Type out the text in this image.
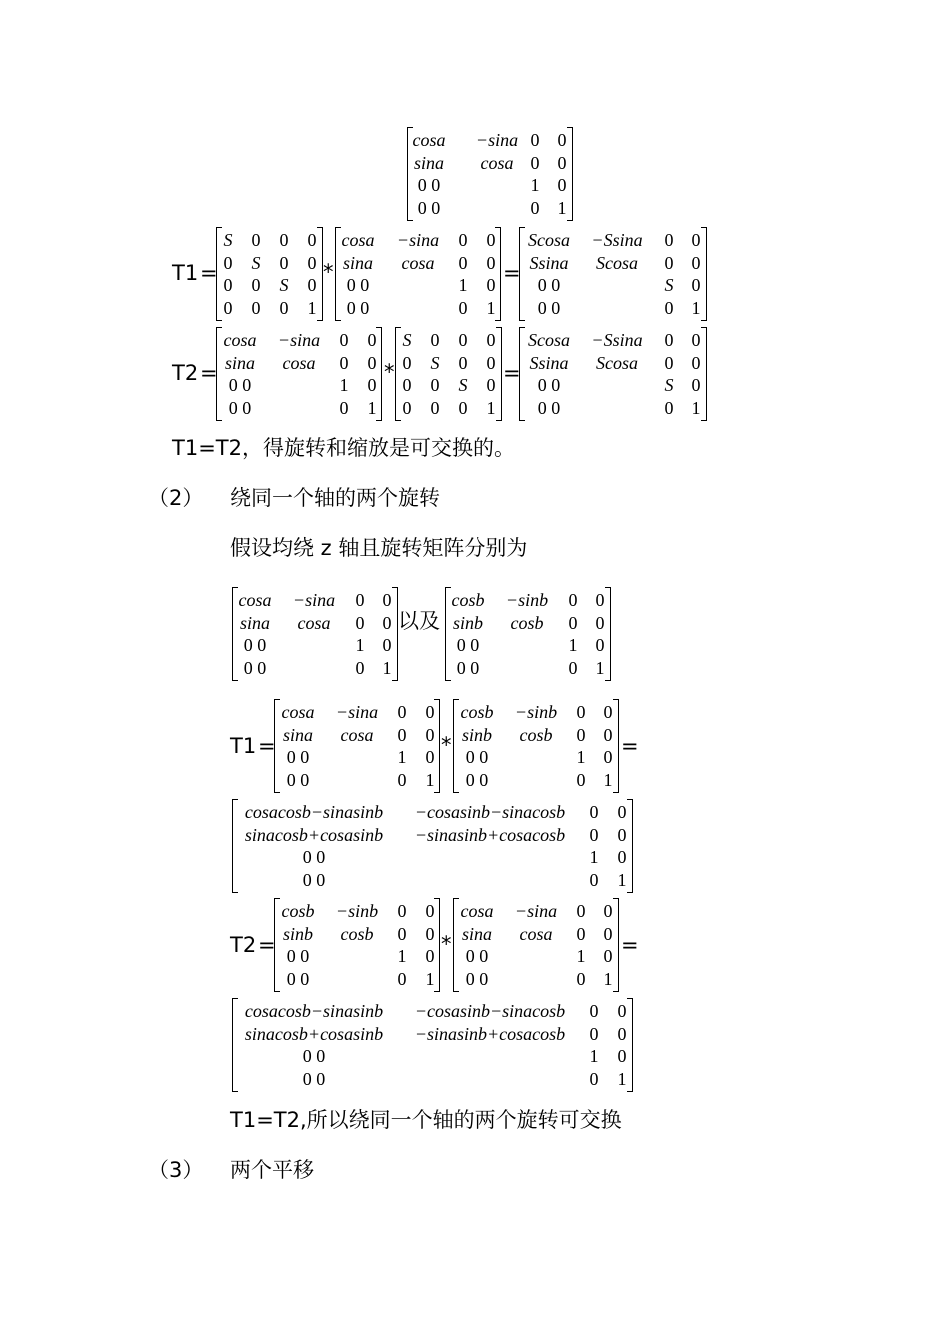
cosa −sina 0 0
sina cosa 0 0
0 0	1 0
0 0	0 1
T1 =
S 0 0 0
0 S 0 0
0 0 S 0
0 0 0 1
*
cosa −sina 0 0
sina cosa 0 0
0 0	1 0
0 0	0 1
=
Scosa −Ssina 0 0
Ssina Scosa 0 0
0 0	S 0
0 0	0 1
T2 =
cosa −sina 0 0
sina cosa 0 0
0 0	1 0
0 0	0 1
*
S 0 0 0
0 S 0 0
0 0 S 0
0 0 0 1
=
Scosa −Ssina 0 0
Ssina Scosa 0 0
0 0	S 0
0 0	0 1
T1=T2，得旋转和缩放是可交换的。
（2） 绕同一个轴的两个旋转
假设均绕 z 轴且旋转矩阵分别为
cosa −sina 0 0
sina cosa 0 0
0 0	1 0
0 0	0 1
以及
cosb −sinb 0 0
sinb cosb 0 0
0 0	1 0
0 0	0 1
T1 =
cosa −sina 0 0
sina cosa 0 0
0 0	1 0
0 0	0 1
*
cosb −sinb 0 0
sinb cosb 0 0
0 0	1 0
0 0	0 1
=
cosacosb−sinasinb −cosasinb−sinacosb 0 0
sinacosb+cosasinb −sinasinb+cosacosb 0 0
0 0	1 0
0 0	0 1
T2 =
cosb −sinb 0 0
sinb cosb 0 0
0 0	1 0
0 0	0 1
*
cosa −sina 0 0
sina cosa 0 0
0 0	1 0
0 0	0 1
=
cosacosb−sinasinb −cosasinb−sinacosb 0 0
sinacosb+cosasinb −sinasinb+cosacosb 0 0
0 0	1 0
0 0	0 1
T1=T2,所以绕同一个轴的两个旋转可交换
（3） 两个平移
